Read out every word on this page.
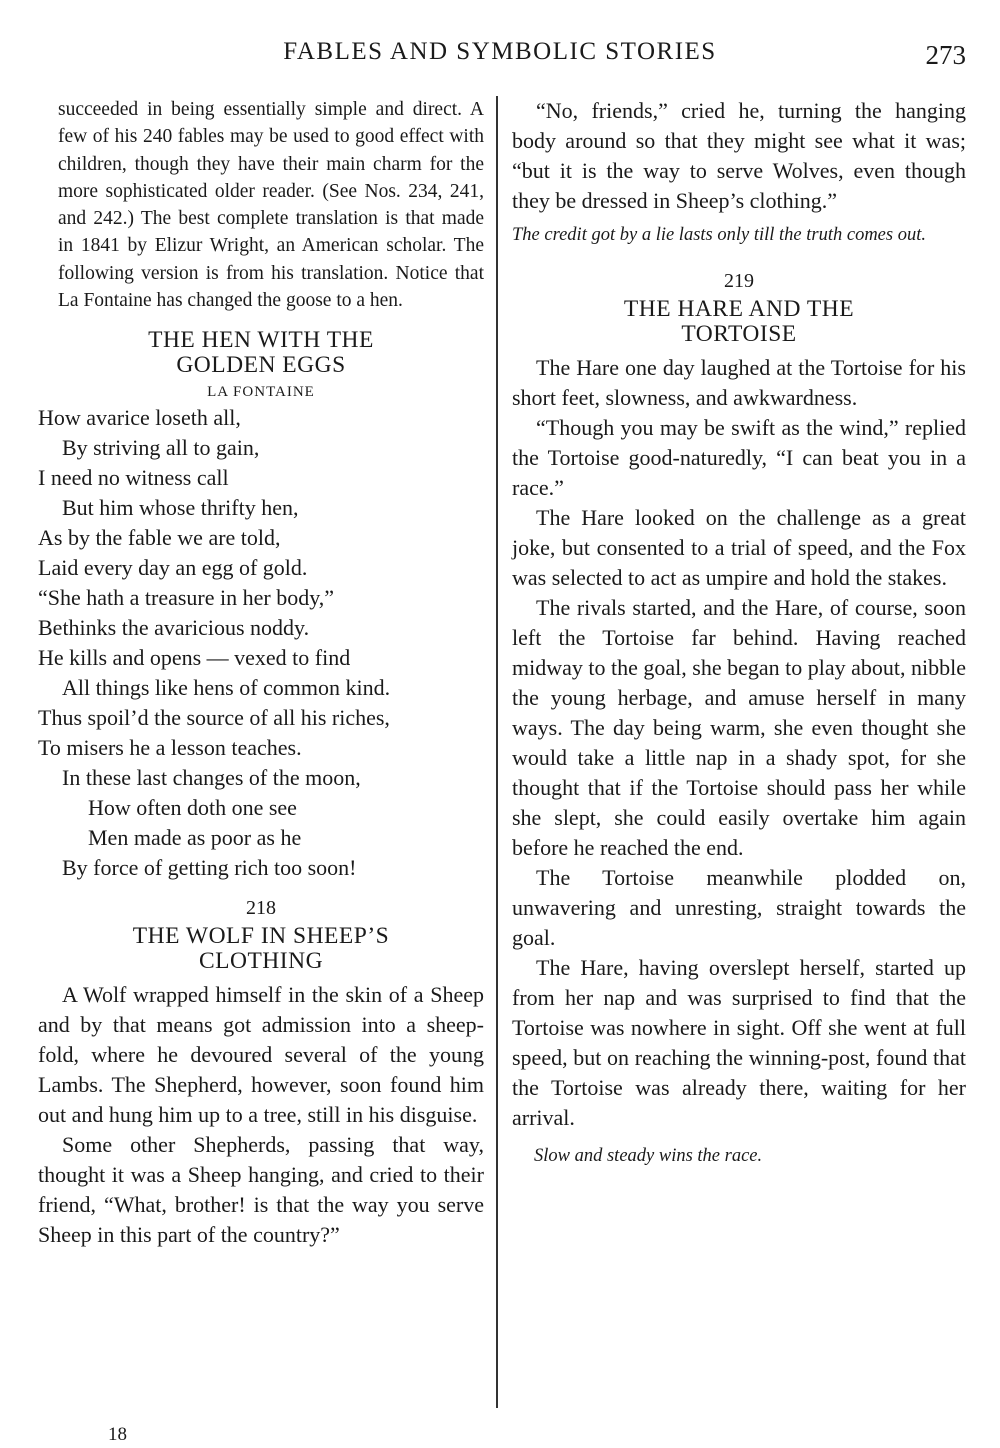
FABLES AND SYMBOLIC STORIES	273

succeeded in being essentially simple and direct. A few of his 240 fables may be used to good effect with children, though they have their main charm for the more sophisticated older reader. (See Nos. 234, 241, and 242.) The best complete translation is that made in 1841 by Elizur Wright, an American scholar. The following version is from his translation. Notice that La Fontaine has changed the goose to a hen.

THE HEN WITH THE
GOLDEN EGGS
LA FONTAINE
How avarice loseth all,
By striving all to gain,
I need no witness call
But him whose thrifty hen,
As by the fable we are told,
Laid every day an egg of gold.
“She hath a treasure in her body,”
Bethinks the avaricious noddy.
He kills and opens — vexed to find
All things like hens of common kind.
Thus spoil’d the source of all his riches,
To misers he a lesson teaches.
In these last changes of the moon,
How often doth one see
Men made as poor as he
By force of getting rich too soon!
218
THE WOLF IN SHEEP’S
CLOTHING

A Wolf wrapped himself in the skin of a Sheep and by that means got admission into a sheep-fold, where he devoured several of the young Lambs. The Shepherd, however, soon found him out and hung him up to a tree, still in his disguise.

Some other Shepherds, passing that way, thought it was a Sheep hanging, and cried to their friend, “What, brother! is that the way you serve Sheep in this part of the country?”

“No, friends,” cried he, turning the hanging body around so that they might see what it was; “but it is the way to serve Wolves, even though they be dressed in Sheep’s clothing.”

The credit got by a lie lasts only till the truth comes out.

219
THE HARE AND THE
TORTOISE

The Hare one day laughed at the Tortoise for his short feet, slowness, and awkwardness.

“Though you may be swift as the wind,” replied the Tortoise good-naturedly, “I can beat you in a race.”

The Hare looked on the challenge as a great joke, but consented to a trial of speed, and the Fox was selected to act as umpire and hold the stakes.

The rivals started, and the Hare, of course, soon left the Tortoise far behind. Having reached midway to the goal, she began to play about, nibble the young herbage, and amuse herself in many ways. The day being warm, she even thought she would take a little nap in a shady spot, for she thought that if the Tortoise should pass her while she slept, she could easily overtake him again before he reached the end.

The Tortoise meanwhile plodded on, unwavering and unresting, straight towards the goal.

The Hare, having overslept herself, started up from her nap and was surprised to find that the Tortoise was nowhere in sight. Off she went at full speed, but on reaching the winning-post, found that the Tortoise was already there, waiting for her arrival.

Slow and steady wins the race.

18
